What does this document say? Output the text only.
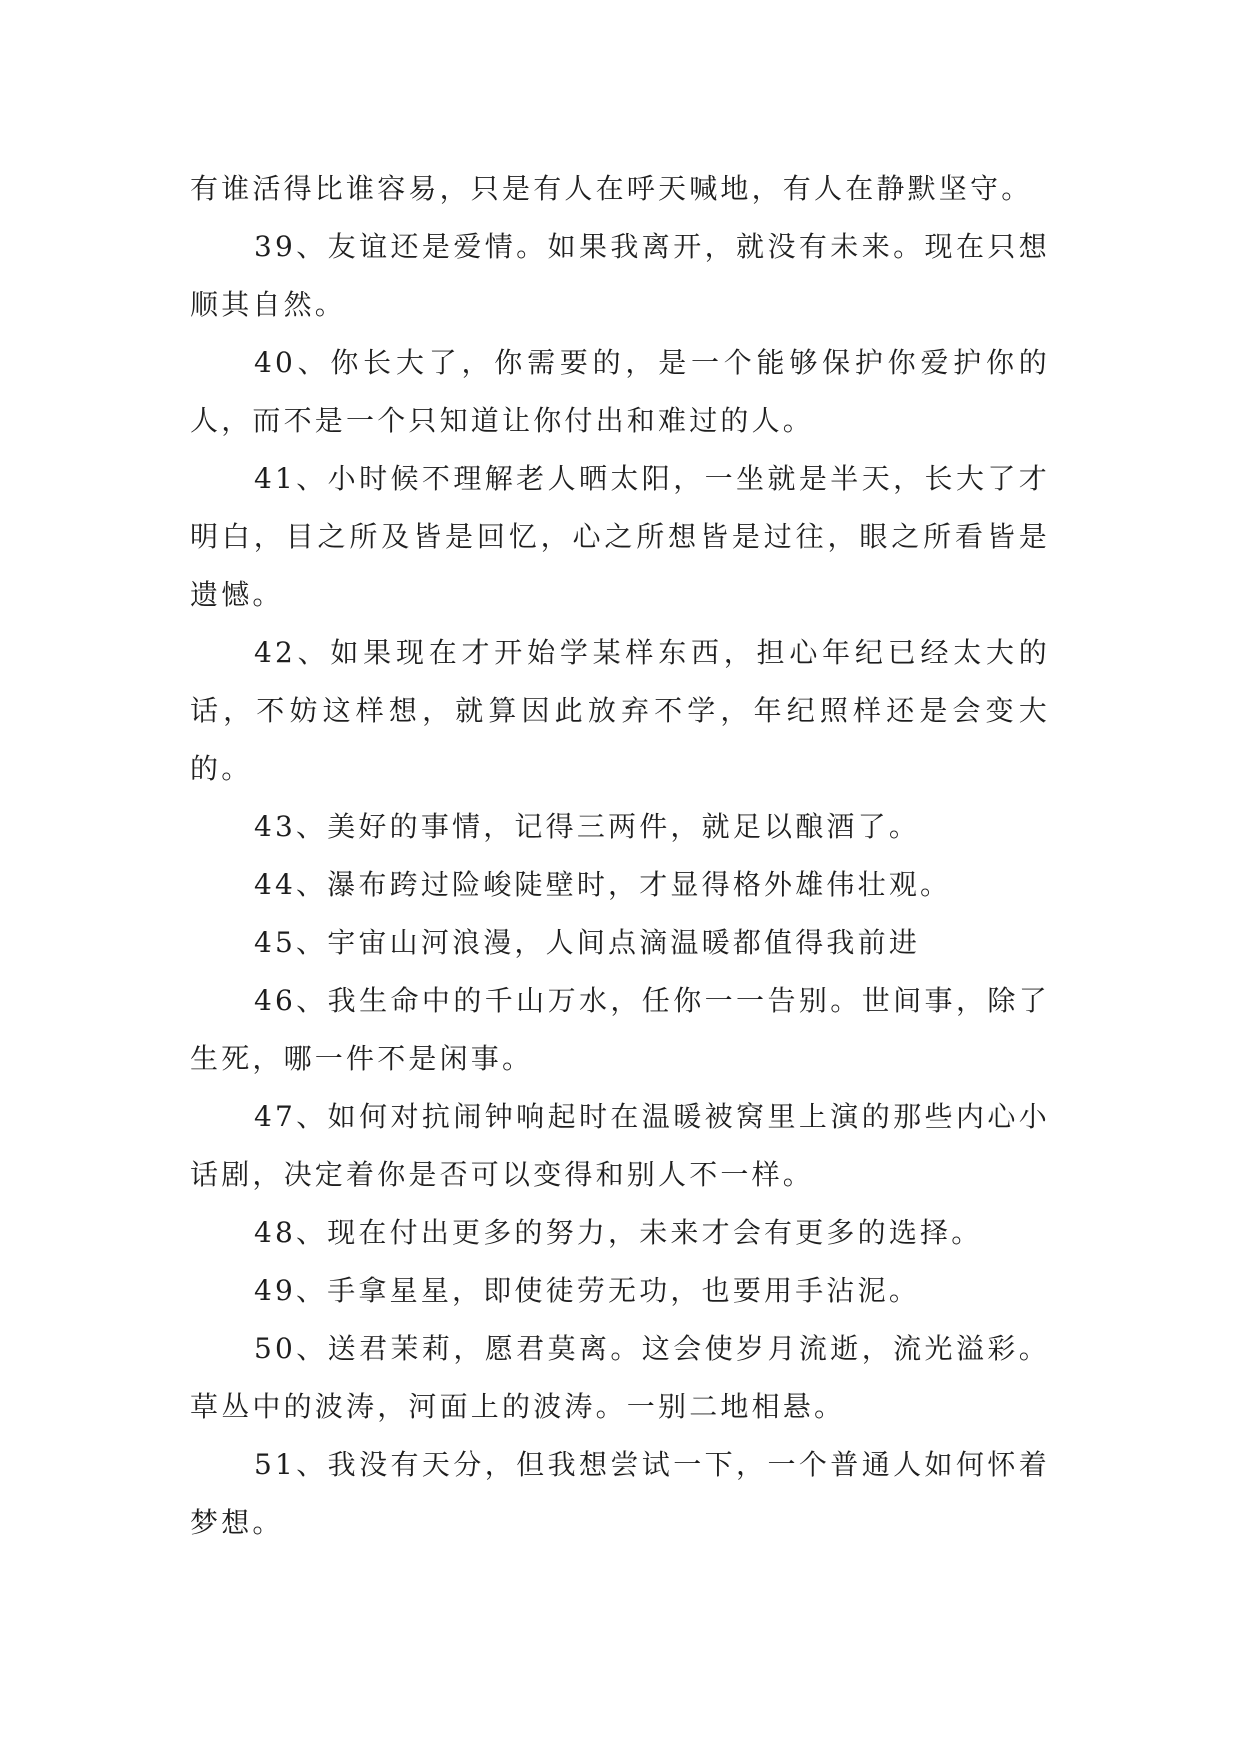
有谁活得比谁容易，只是有人在呼天喊地，有人在静默坚守。

39、友谊还是爱情。如果我离开，就没有未来。现在只想顺其自然。

40、你长大了，你需要的，是一个能够保护你爱护你的人，而不是一个只知道让你付出和难过的人。

41、小时候不理解老人晒太阳，一坐就是半天，长大了才明白，目之所及皆是回忆，心之所想皆是过往，眼之所看皆是遗憾。

42、如果现在才开始学某样东西，担心年纪已经太大的话，不妨这样想，就算因此放弃不学，年纪照样还是会变大的。

43、美好的事情，记得三两件，就足以酿酒了。

44、瀑布跨过险峻陡壁时，才显得格外雄伟壮观。

45、宇宙山河浪漫，人间点滴温暖都值得我前进

46、我生命中的千山万水，任你一一告别。世间事，除了生死，哪一件不是闲事。

47、如何对抗闹钟响起时在温暖被窝里上演的那些内心小话剧，决定着你是否可以变得和别人不一样。

48、现在付出更多的努力，未来才会有更多的选择。

49、手拿星星，即使徒劳无功，也要用手沾泥。

50、送君茉莉，愿君莫离。这会使岁月流逝，流光溢彩。草丛中的波涛，河面上的波涛。一别二地相悬。

51、我没有天分，但我想尝试一下，一个普通人如何怀着梦想。
